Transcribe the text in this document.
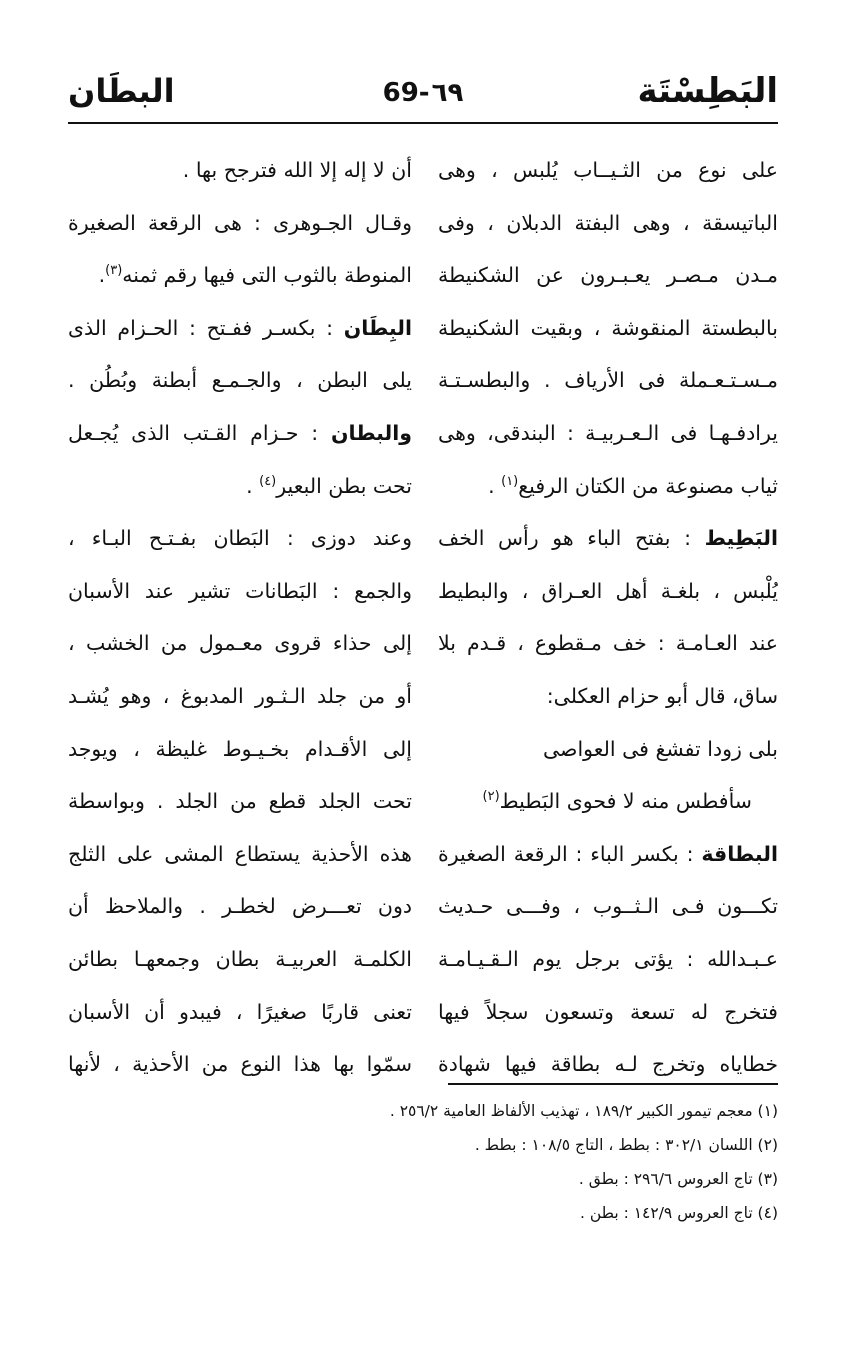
البَطِسْتَة
69-٦٩
البطَان
على نوع من الثـيــاب يُلبس ، وهى
الباتيسقة ، وهى البفتة الدبلان ، وفى
مـدن مـصـر يعـبـرون عن الشكنيطة
بالبطستة المنقوشة ، وبقيت الشكنيطة
مـسـتـعـملة فى الأرياف . والبطسـتـة
يرادفـهـا فى الـعـربيـة : البندقى، وهى
ثياب مصنوعة من الكتان الرفيع$^{(١)}$ .
البَطِيط : بفتح الباء هو رأس الخف
يُلْبس ، بلغـة أهل العـراق ، والبطيط
عند العـامـة : خف مـقطوع ، قـدم بلا
ساق، قال أبو حزام العكلى:
بلى زودا تفشغ فى العواصى
سأفطس منه لا فحوى البَطيط$^{(٢)}$
البطاقة : بكسر الباء : الرقعة الصغيرة
تكـــون فـى الـثــوب ، وفـــى حـديث
عـبـدالله : يؤتى برجل يوم الـقـيـامـة
فتخرج له تسعة وتسعون سجلاً فيها
خطاياه وتخرج لـه بطاقة فيها شهادة
أن لا إله إلا الله فترجح بها .
وقـال الجـوهرى : هى الرقعة الصغيرة
المنوطة بالثوب التى فيها رقم ثمنه$^{(٣)}$.
البِطَان : بكسـر ففـتح : الحـزام الذى
يلى البطن ، والجـمـع أبطنة وبُطُن .
والبطان : حـزام القـتب الذى يُجـعل
تحت بطن البعير$^{(٤)}$ .
وعند دوزى : البَطان بفـتـح البـاء ،
والجمع : البَطانات تشير عند الأسبان
إلى حذاء قروى معـمول من الخشب ،
أو من جلد الـثـور المدبوغ ، وهو يُشـد
إلى الأقـدام بخـيـوط غليظة ، ويوجد
تحت الجلد قطع من الجلد . وبواسطة
هذه الأحذية يستطاع المشى على الثلج
دون تعـــرض لخطـر . والملاحظ أن
الكلمـة العربيـة بطان وجمعهـا بطائن
تعنى قاربًا صغيرًا ، فيبدو أن الأسبان
سمّوا بها هذا النوع من الأحذية ، لأنها
(١) معجم تيمور الكبير ١٨٩/٢ ، تهذيب الألفاظ العامية ٢٥٦/٢ .
(٢) اللسان ٣٠٢/١ : بطط ، التاج ١٠٨/٥ : بطط .
(٣) تاج العروس ٢٩٦/٦ : بطق .
(٤) تاج العروس ١٤٢/٩ : بطن .
